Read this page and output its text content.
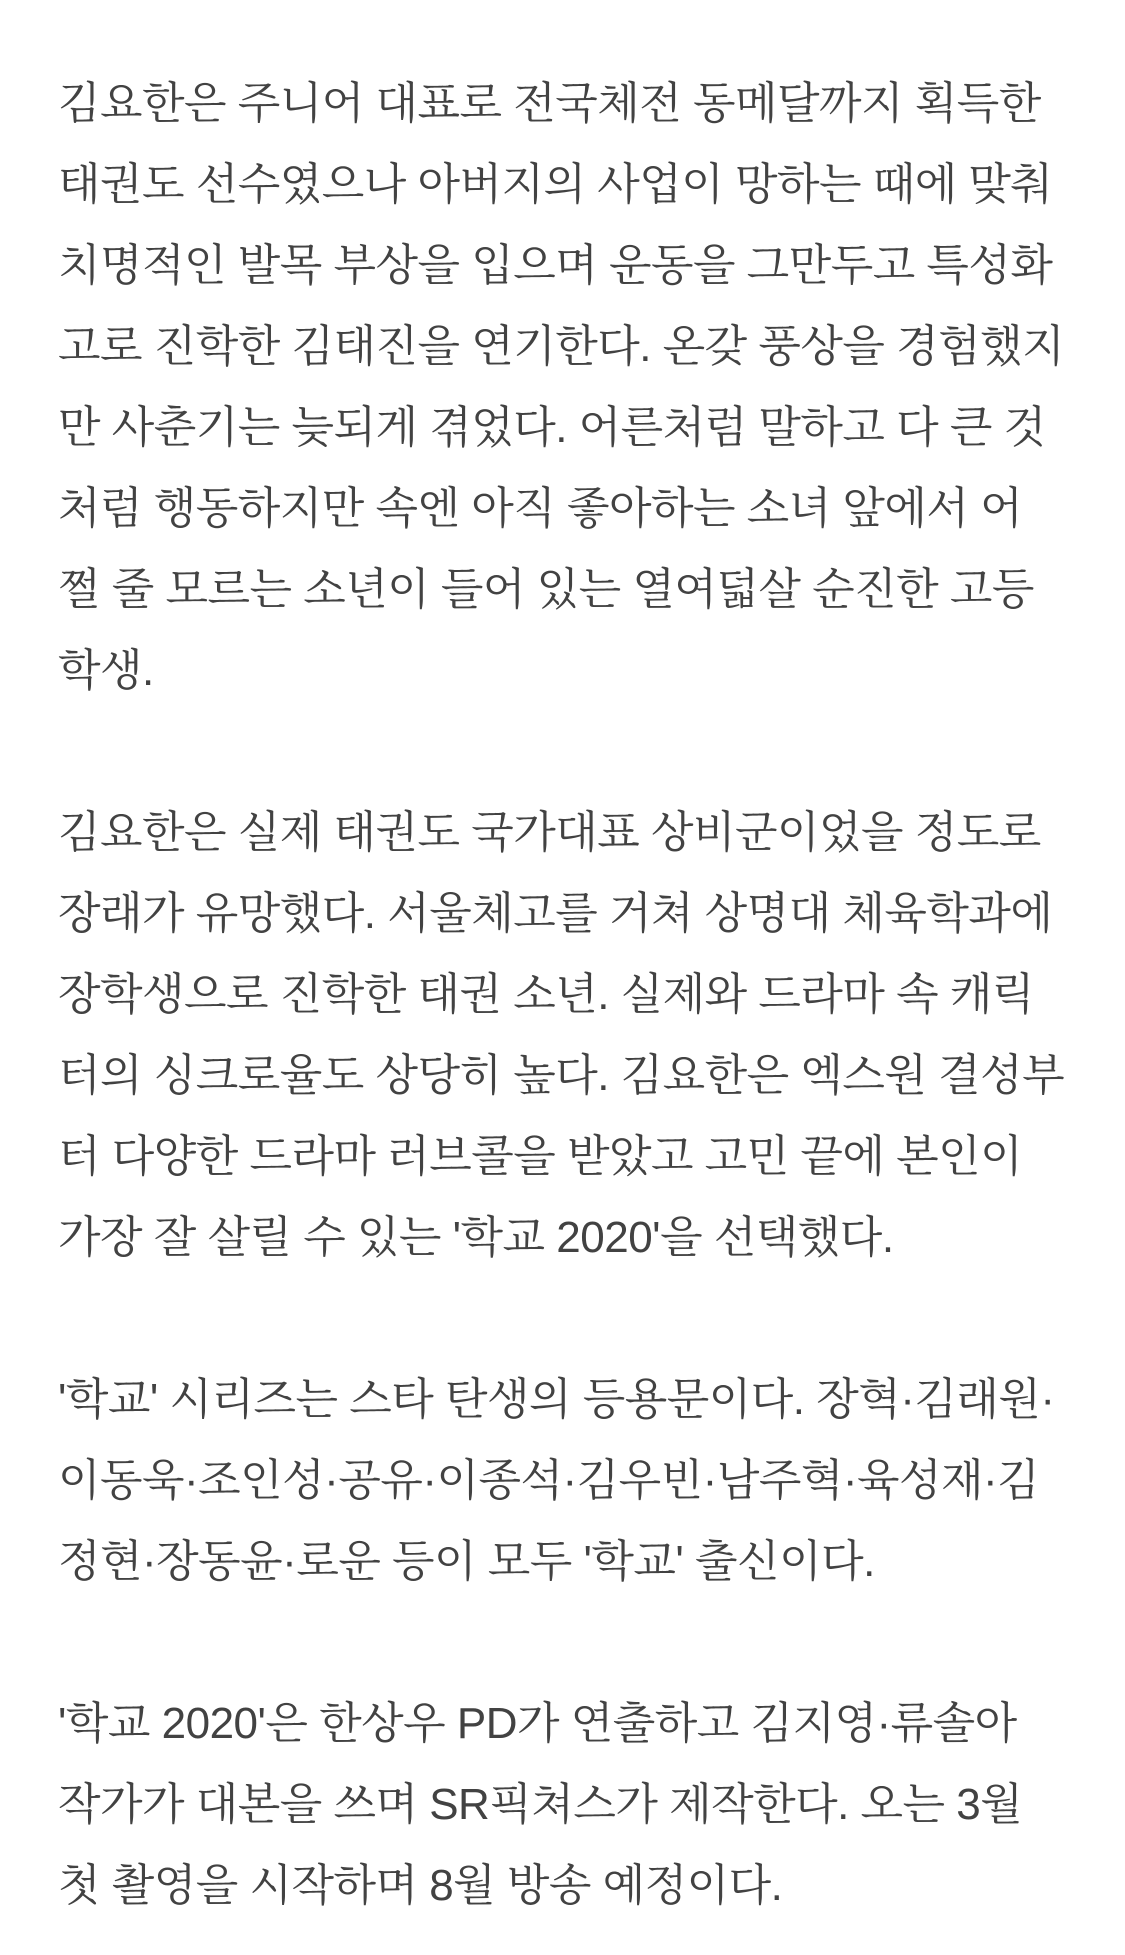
김요한은 주니어 대표로 전국체전 동메달까지 획득한
태권도 선수였으나 아버지의 사업이 망하는 때에 맞춰
치명적인 발목 부상을 입으며 운동을 그만두고 특성화
고로 진학한 김태진을 연기한다. 온갖 풍상을 경험했지
만 사춘기는 늦되게 겪었다. 어른처럼 말하고 다 큰 것
처럼 행동하지만 속엔 아직 좋아하는 소녀 앞에서 어
쩔 줄 모르는 소년이 들어 있는 열여덟살 순진한 고등
학생.

김요한은 실제 태권도 국가대표 상비군이었을 정도로
장래가 유망했다. 서울체고를 거쳐 상명대 체육학과에
장학생으로 진학한 태권 소년. 실제와 드라마 속 캐릭
터의 싱크로율도 상당히 높다. 김요한은 엑스원 결성부
터 다양한 드라마 러브콜을 받았고 고민 끝에 본인이
가장 잘 살릴 수 있는 '학교 2020'을 선택했다.

'학교' 시리즈는 스타 탄생의 등용문이다. 장혁·김래원·
이동욱·조인성·공유·이종석·김우빈·남주혁·육성재·김
정현·장동윤·로운 등이 모두 '학교' 출신이다.

'학교 2020'은 한상우 PD가 연출하고 김지영·류솔아
작가가 대본을 쓰며 SR픽쳐스가 제작한다. 오는 3월
첫 촬영을 시작하며 8월 방송 예정이다.
